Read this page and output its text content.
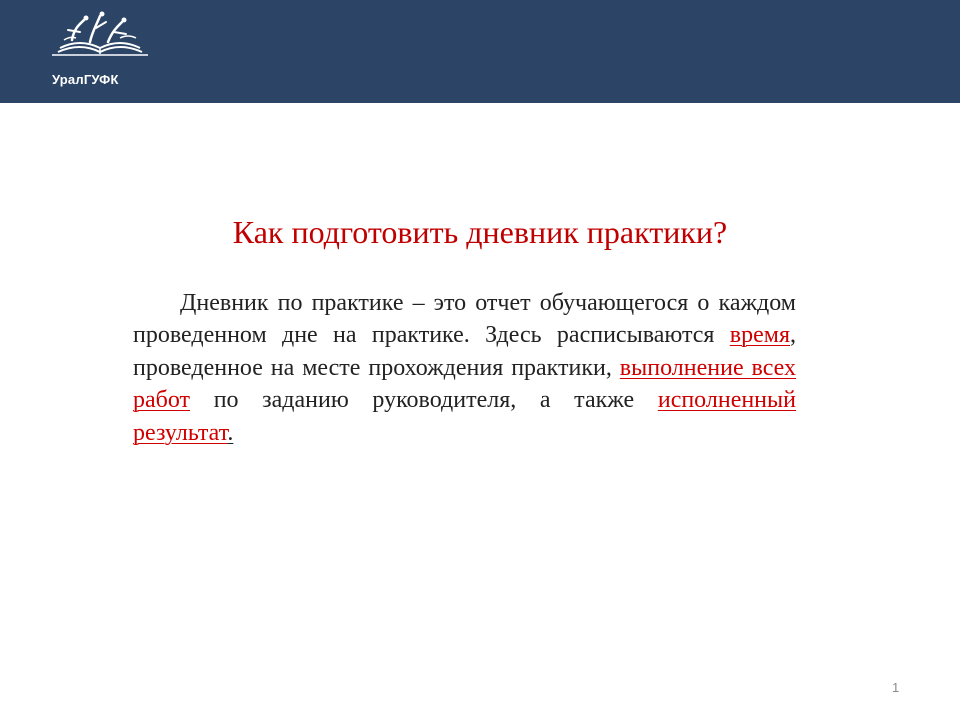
УралГУФК
Как подготовить дневник практики?

Дневник по практике – это отчет обучающегося о каждом проведенном дне на практике. Здесь расписываются время, проведенное на месте прохождения практики, выполнение всех работ по заданию руководителя, а также исполненный результат.

1
